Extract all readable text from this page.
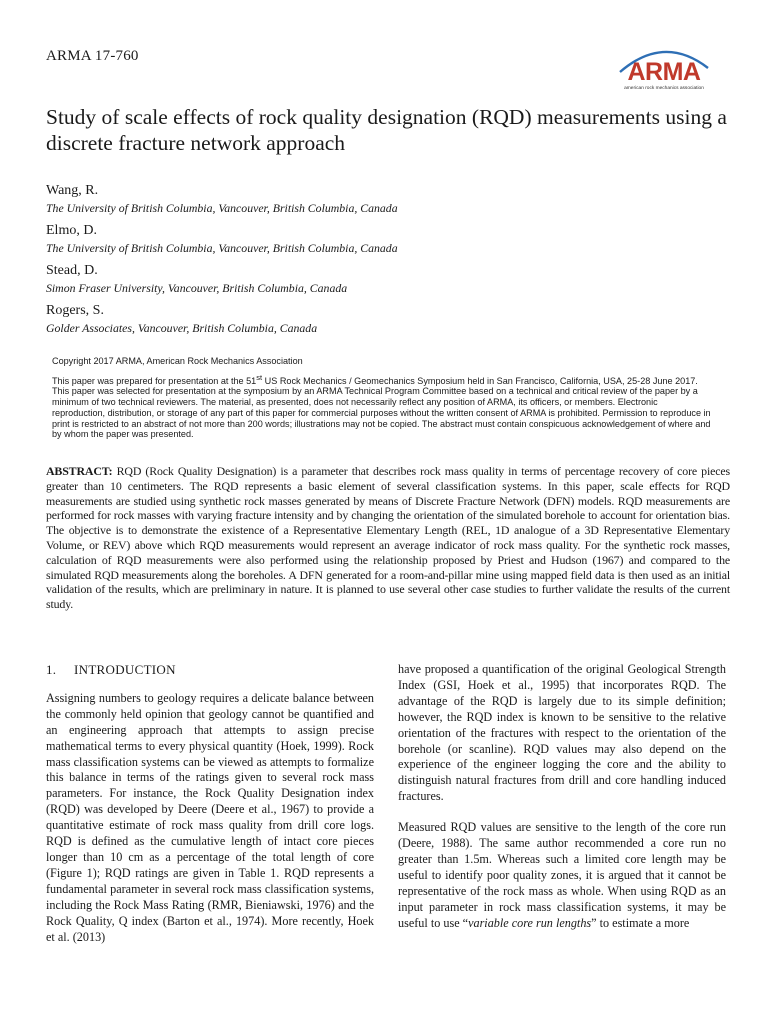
ARMA 17-760
ARMA
american rock mechanics association
Study of scale effects of rock quality designation (RQD) measurements using a discrete fracture network approach
Wang, R.
The University of British Columbia, Vancouver, British Columbia, Canada
Elmo, D.
The University of British Columbia, Vancouver, British Columbia, Canada
Stead, D.
Simon Fraser University, Vancouver, British Columbia, Canada
Rogers, S.
Golder Associates, Vancouver, British Columbia, Canada
Copyright 2017 ARMA, American Rock Mechanics Association
This paper was prepared for presentation at the 51st US Rock Mechanics / Geomechanics Symposium held in San Francisco, California, USA, 25-28 June 2017. This paper was selected for presentation at the symposium by an ARMA Technical Program Committee based on a technical and critical review of the paper by a minimum of two technical reviewers. The material, as presented, does not necessarily reflect any position of ARMA, its officers, or members. Electronic reproduction, distribution, or storage of any part of this paper for commercial purposes without the written consent of ARMA is prohibited. Permission to reproduce in print is restricted to an abstract of not more than 200 words; illustrations may not be copied. The abstract must contain conspicuous acknowledgement of where and by whom the paper was presented.
ABSTRACT: RQD (Rock Quality Designation) is a parameter that describes rock mass quality in terms of percentage recovery of core pieces greater than 10 centimeters. The RQD represents a basic element of several classification systems. In this paper, scale effects for RQD measurements are studied using synthetic rock masses generated by means of Discrete Fracture Network (DFN) models. RQD measurements are performed for rock masses with varying fracture intensity and by changing the orientation of the simulated borehole to account for orientation bias. The objective is to demonstrate the existence of a Representative Elementary Length (REL, 1D analogue of a 3D Representative Elementary Volume, or REV) above which RQD measurements would represent an average indicator of rock mass quality. For the synthetic rock masses, calculation of RQD measurements were also performed using the relationship proposed by Priest and Hudson (1967) and compared to the simulated RQD measurements along the boreholes. A DFN generated for a room-and-pillar mine using mapped field data is then used as an initial validation of the results, which are preliminary in nature. It is planned to use several other case studies to further validate the results of the current study.
1. INTRODUCTION

Assigning numbers to geology requires a delicate balance between the commonly held opinion that geology cannot be quantified and an engineering approach that attempts to assign precise mathematical terms to every physical quantity (Hoek, 1999). Rock mass classification systems can be viewed as attempts to formalize this balance in terms of the ratings given to several rock mass parameters. For instance, the Rock Quality Designation index (RQD) was developed by Deere (Deere et al., 1967) to provide a quantitative estimate of rock mass quality from drill core logs. RQD is defined as the cumulative length of intact core pieces longer than 10 cm as a percentage of the total length of core (Figure 1); RQD ratings are given in Table 1. RQD represents a fundamental parameter in several rock mass classification systems, including the Rock Mass Rating (RMR, Bieniawski, 1976) and the Rock Quality, Q index (Barton et al., 1974). More recently, Hoek et al. (2013)

have proposed a quantification of the original Geological Strength Index (GSI, Hoek et al., 1995) that incorporates RQD. The advantage of the RQD is largely due to its simple definition; however, the RQD index is known to be sensitive to the relative orientation of the fractures with respect to the orientation of the borehole (or scanline). RQD values may also depend on the experience of the engineer logging the core and the ability to distinguish natural fractures from drill and core handling induced fractures.

Measured RQD values are sensitive to the length of the core run (Deere, 1988). The same author recommended a core run no greater than 1.5m. Whereas such a limited core length may be useful to identify poor quality zones, it is argued that it cannot be representative of the rock mass as whole. When using RQD as an input parameter in rock mass classification systems, it may be useful to use “variable core run lengths” to estimate a more
